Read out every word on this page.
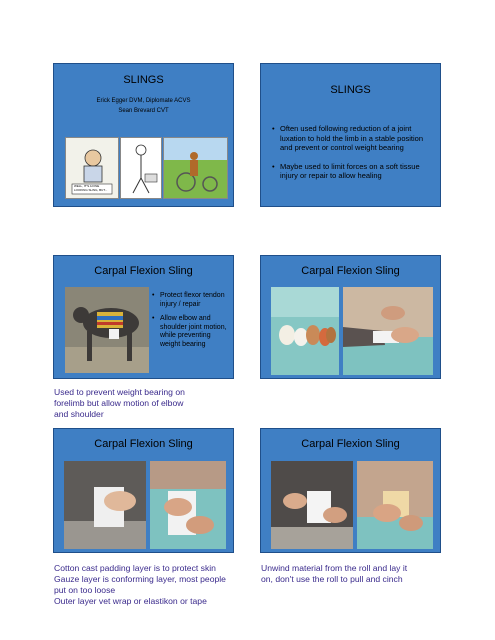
SLINGS
Erick Egger DVM, Diplomate ACVS
Sean Brevard CVT
WELL, IT'S A FINE LOOKING SLING, BUT...
SLINGS
• Often used following reduction of a joint luxation to hold the limb in a stable position and prevent or control weight bearing
• Maybe used to limit forces on a soft tissue injury or repair to allow healing
Carpal Flexion Sling
• Protect flexor tendon injury / repair
• Allow elbow and shoulder joint motion, while preventing weight bearing
Used to prevent weight bearing on
forelimb but allow motion of elbow
and shoulder
Carpal Flexion Sling
Carpal Flexion Sling
Cotton cast padding layer is to protect skin
Gauze layer is conforming layer, most people
put on too loose
Outer layer vet wrap or elastikon or tape
Carpal Flexion Sling
Unwind material from the roll and lay it
on, don't use the roll to pull and cinch
